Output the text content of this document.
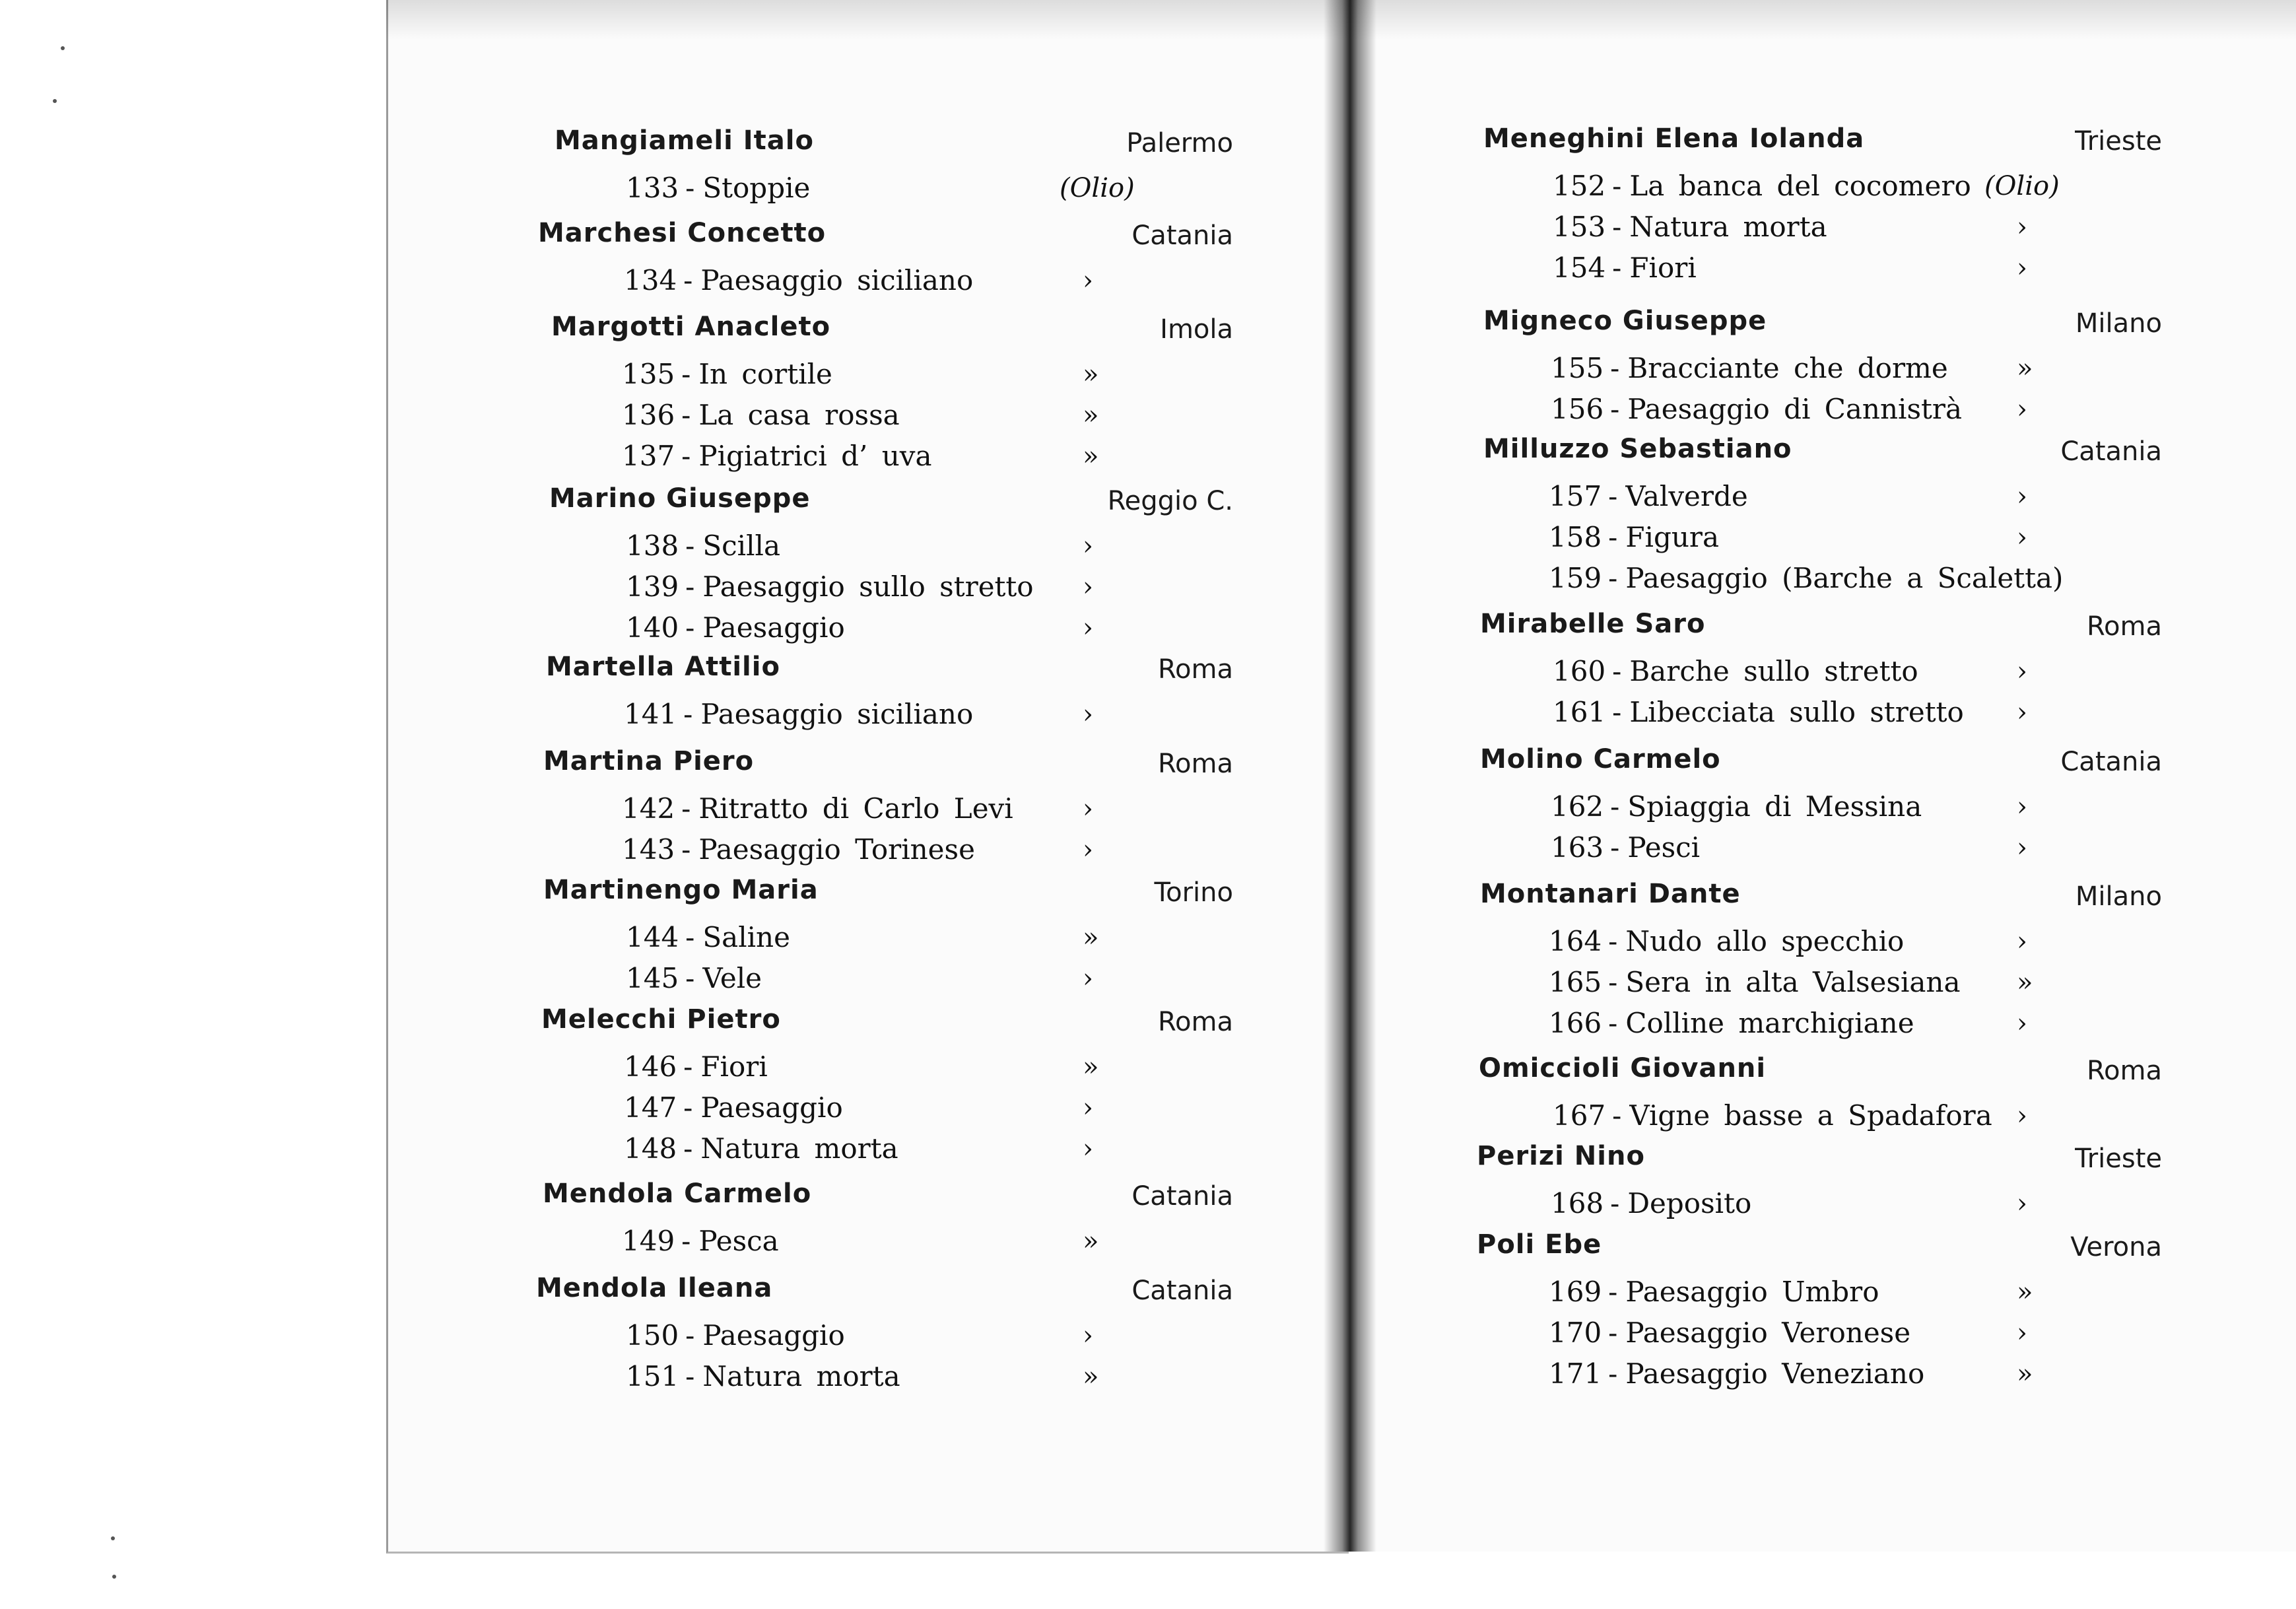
Mangiameli Italo	Palermo
133 - Stoppie	(Olio)
Marchesi Concetto	Catania
134 - Paesaggio siciliano	›
Margotti Anacleto	Imola
135 - In cortile	»
136 - La casa rossa	»
137 - Pigiatrici d’ uva	»
Marino Giuseppe	Reggio C.
138 - Scilla	›
139 - Paesaggio sullo stretto ›
140 - Paesaggio	›
Martella Attilio	Roma
141 - Paesaggio siciliano	›
Martina Piero	Roma
142 - Ritratto di Carlo Levi	›
143 - Paesaggio Torinese	›
Martinengo Maria	Torino
144 - Saline	»
145 - Vele	›
Melecchi Pietro	Roma
146 - Fiori	»
147 - Paesaggio	›
148 - Natura morta	›
Mendola Carmelo	Catania
149 - Pesca	»
Mendola Ileana	Catania
150 - Paesaggio	›
151 - Natura morta	»
Meneghini Elena Iolanda	Trieste
152 - La banca del cocomero (Olio)
153 - Natura morta	›
154 - Fiori	›
Migneco Giuseppe	Milano
155 - Bracciante che dorme	»
156 - Paesaggio di Cannistrà ›
Milluzzo Sebastiano	Catania
157 - Valverde	›
158 - Figura	›
159 - Paesaggio (Barche a Scaletta)
Mirabelle Saro	Roma
160 - Barche sullo stretto	›
161 - Libecciata sullo stretto ›
Molino Carmelo	Catania
162 - Spiaggia di Messina	›
163 - Pesci	›
Montanari Dante	Milano
164 - Nudo allo specchio	›
165 - Sera in alta Valsesiana »
166 - Colline marchigiane	›
Omiccioli Giovanni	Roma
167 - Vigne basse a Spadafora ›
Perizi Nino	Trieste
168 - Deposito	›
Poli Ebe	Verona
169 - Paesaggio Umbro	»
170 - Paesaggio Veronese	›
171 - Paesaggio Veneziano	»
